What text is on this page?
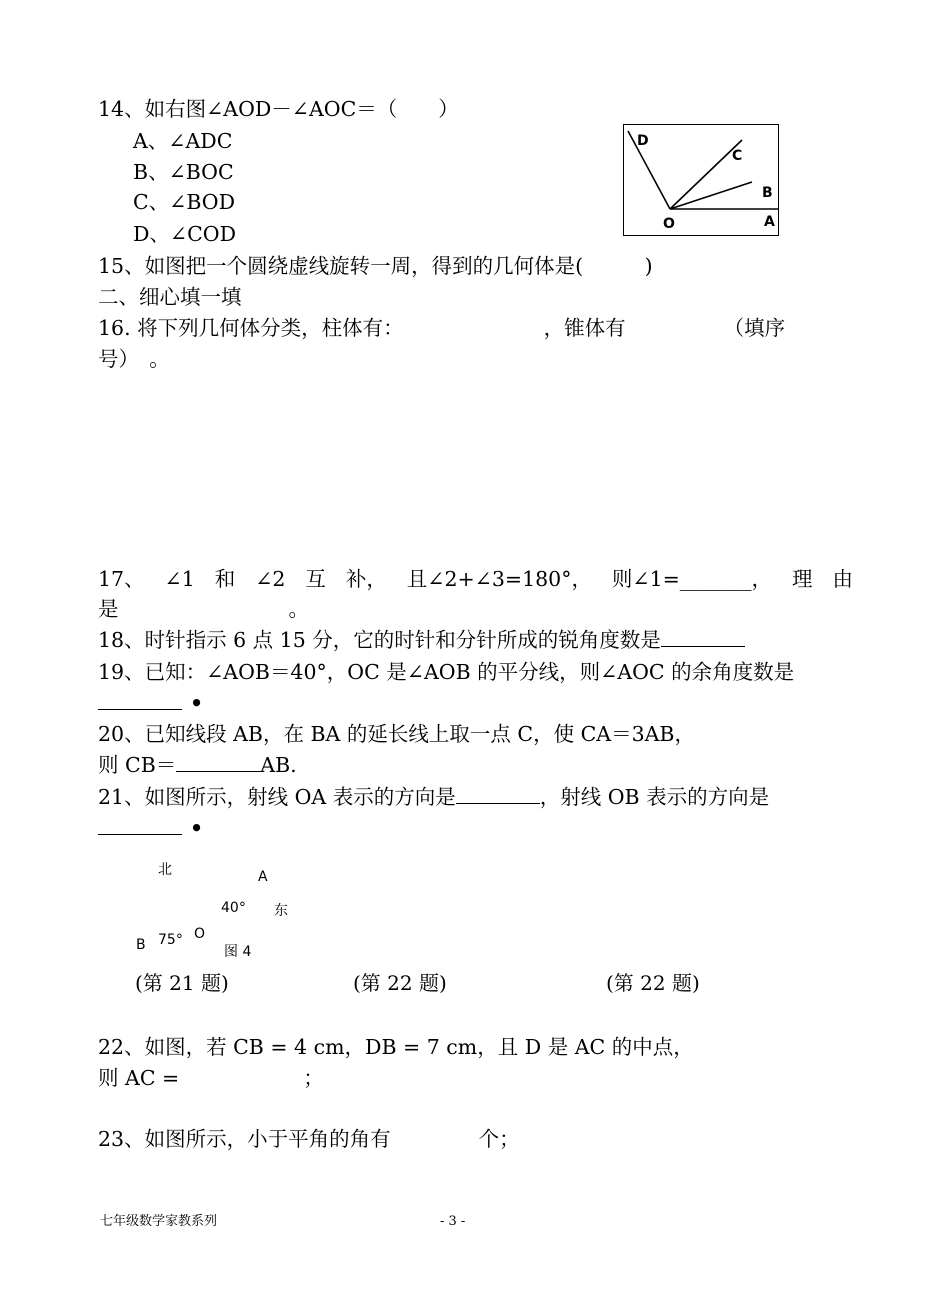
14、如右图∠AOD－∠AOC＝（　　）
A、∠ADC
B、∠BOC
C、∠BOD
D、∠COD
D
C
B
O	A
15、如图把一个圆绕虚线旋转一周，得到的几何体是(　　　)
二、细心填一填
16. 将下列几何体分类，柱体有：	，锥体有	（填序
号）　。
17、 ∠1 和 ∠2 互 补， 且∠2+∠3=180°， 则∠1=_______， 理 由
是	。
18、时针指示 6 点 15 分，它的时针和分针所成的锐角度数是
19、已知：∠AOB＝40°，OC 是∠AOB 的平分线，则∠AOC 的余角度数是
•
20、已知线段 AB，在 BA 的延长线上取一点 C，使 CA＝3AB，
则 CB＝	AB.
21、如图所示，射线 OA 表示的方向是	，射线 OB 表示的方向是
•
北	A
40° 东
O
75°
B	图 4
(第 21 题)	(第 22 题)	(第 22 题)
22、如图，若 CB = 4 cm，DB = 7 cm，且 D 是 AC 的中点，
则 AC =	；
23、如图所示，小于平角的角有	个；
七年级数学家教系列	- 3 -
